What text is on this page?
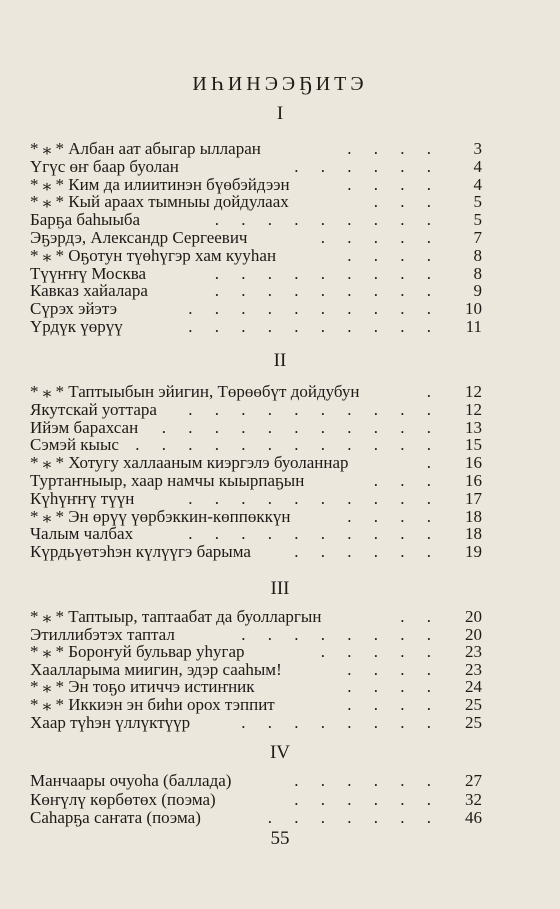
ИҺИНЭЭҔИТЭ
I
II
III
IV
* ⁎ * Албан аат абыгар ылларан	. . . .	3
Үгүс өҥ баар буолан	. . . . . .	4
* ⁎ * Ким да илиитинэн бүөбэйдээн	. . . .	4
* ⁎ * Кый араах тымныы дойдулаах	. . .	5
Барҕа баһыыба	. . . . . . . . .	5
Эҕэрдэ, Александр Сергеевич	. . . . .	7
* ⁎ * Оҕотун түөһүгэр хам кууһан	. . . .	8
Түүҥҥү Москва	. . . . . . . . .	8
Кавказ хайалара	. . . . . . . . .	9
Сүрэх эйэтэ	. . . . . . . . . .	10
Үрдүк үөрүү	. . . . . . . . . .	11
* ⁎ * Таптыыбын эйигин, Төрөөбүт дойдубун	.	12
Якутскай уоттара . . . . . . . . . .	12
Ийэм барахсан . . . . . . . . . . .	13
Сэмэй кыыс . . . . . . . . . . . .	15
* ⁎ * Хотугу халлааным киэргэлэ буоланнар	.	16
Туртаҥныыр, хаар намчы кыырпаҕын	. . .	16
Күһүҥҥү түүн	. . . . . . . . . .	17
* ⁎ * Эн өрүү үөрбэккин-көппөккүн	. . . .	18
Чалым чалбах	. . . . . . . . . .	18
Күрдьүөтэһэн күлүүгэ барыма	. . . . . .	19
* ⁎ * Таптыыр, таптаабат да буолларгын	. .	20
Этиллибэтэх таптал	. . . . . . . .	20
* ⁎ * Бороҥуй бульвар уһугар	. . . . .	23
Хаалларыма миигин, эдэр сааһым!	. . . .	23
* ⁎ * Эн тоҕо итиччэ истиҥник	. . . .	24
* ⁎ * Иккиэн эн биһи орох тэппит	. . . .	25
Хаар түһэн үллүктүүр	. . . . . . . .	25
Манчаары очуоһа (баллада)	. . . . . .	27
Көҥүлү көрбөтөх (поэма)	. . . . . .	32
Саһарҕа саҥата (поэма)	. . . . . . .	46
55
